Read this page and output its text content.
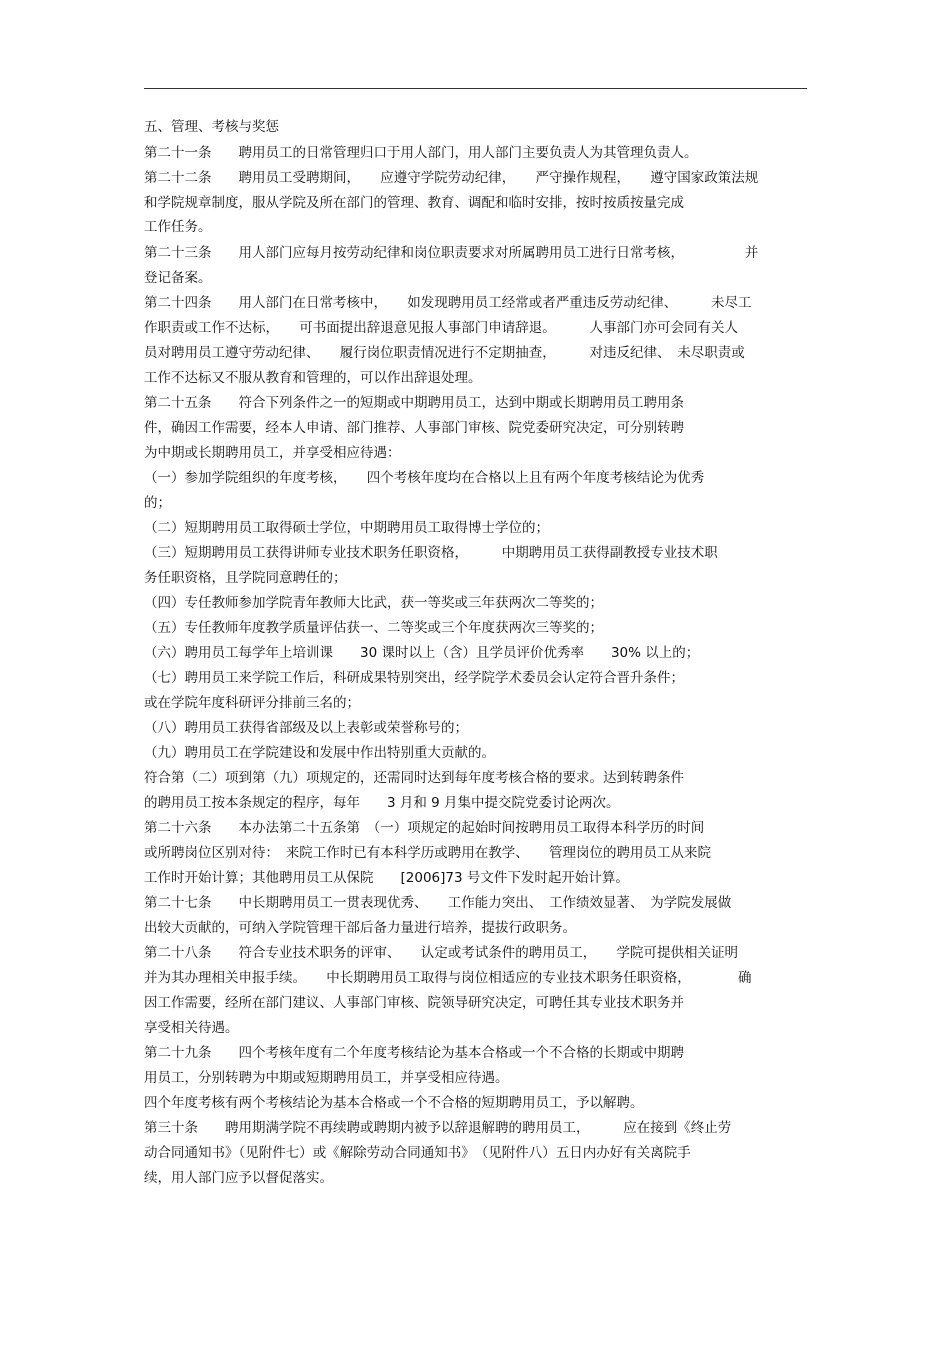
五、管理、考核与奖惩
第二十一条　　聘用员工的日常管理归口于用人部门，用人部门主要负责人为其管理负责人。
第二十二条　　聘用员工受聘期间，　　应遵守学院劳动纪律，　　严守操作规程，　　遵守国家政策法规
和学院规章制度，服从学院及所在部门的管理、教育、调配和临时安排，按时按质按量完成
工作任务。
第二十三条　　用人部门应每月按劳动纪律和岗位职责要求对所属聘用员工进行日常考核，　　　　　并
登记备案。
第二十四条　　用人部门在日常考核中，　　如发现聘用员工经常或者严重违反劳动纪律、　　　未尽工
作职责或工作不达标，　　可书面提出辞退意见报人事部门申请辞退。　　　人事部门亦可会同有关人
员对聘用员工遵守劳动纪律、　　履行岗位职责情况进行不定期抽查，　　　对违反纪律、　未尽职责或
工作不达标又不服从教育和管理的，可以作出辞退处理。
第二十五条　　符合下列条件之一的短期或中期聘用员工，达到中期或长期聘用员工聘用条
件，确因工作需要，经本人申请、部门推荐、人事部门审核、院党委研究决定，可分别转聘
为中期或长期聘用员工，并享受相应待遇：
（一）参加学院组织的年度考核，　　四个考核年度均在合格以上且有两个年度考核结论为优秀
的；
（二）短期聘用员工取得硕士学位，中期聘用员工取得博士学位的；
（三）短期聘用员工获得讲师专业技术职务任职资格，　　　中期聘用员工获得副教授专业技术职
务任职资格，且学院同意聘任的；
（四）专任教师参加学院青年教师大比武，获一等奖或三年获两次二等奖的；
（五）专任教师年度教学质量评估获一、二等奖或三个年度获两次三等奖的；
（六）聘用员工每学年上培训课　　30 课时以上（含）且学员评价优秀率　　30% 以上的；
（七）聘用员工来学院工作后，科研成果特别突出，经学院学术委员会认定符合晋升条件；
或在学院年度科研评分排前三名的；
（八）聘用员工获得省部级及以上表彰或荣誉称号的；
（九）聘用员工在学院建设和发展中作出特别重大贡献的。
符合第（二）项到第（九）项规定的，还需同时达到每年度考核合格的要求。达到转聘条件
的聘用员工按本条规定的程序，每年　　3 月和 9 月集中提交院党委讨论两次。
第二十六条　　本办法第二十五条第　（一）项规定的起始时间按聘用员工取得本科学历的时间
或所聘岗位区别对待：　来院工作时已有本科学历或聘用在教学、　　管理岗位的聘用员工从来院
工作时开始计算；其他聘用员工从保院　　[2006]73 号文件下发时起开始计算。
第二十七条　　中长期聘用员工一贯表现优秀、　　工作能力突出、　工作绩效显著、　为学院发展做
出较大贡献的，可纳入学院管理干部后备力量进行培养，提拔行政职务。
第二十八条　　符合专业技术职务的评审、　　认定或考试条件的聘用员工，　　学院可提供相关证明
并为其办理相关申报手续。　　中长期聘用员工取得与岗位相适应的专业技术职务任职资格，　　　　确
因工作需要，经所在部门建议、人事部门审核、院领导研究决定，可聘任其专业技术职务并
享受相关待遇。
第二十九条　　四个考核年度有二个年度考核结论为基本合格或一个不合格的长期或中期聘
用员工，分别转聘为中期或短期聘用员工，并享受相应待遇。
四个年度考核有两个考核结论为基本合格或一个不合格的短期聘用员工，予以解聘。
第三十条　　聘用期满学院不再续聘或聘期内被予以辞退解聘的聘用员工，　　　应在接到《终止劳
动合同通知书》（见附件七）或《解除劳动合同通知书》　（见附件八）五日内办好有关离院手
续，用人部门应予以督促落实。
